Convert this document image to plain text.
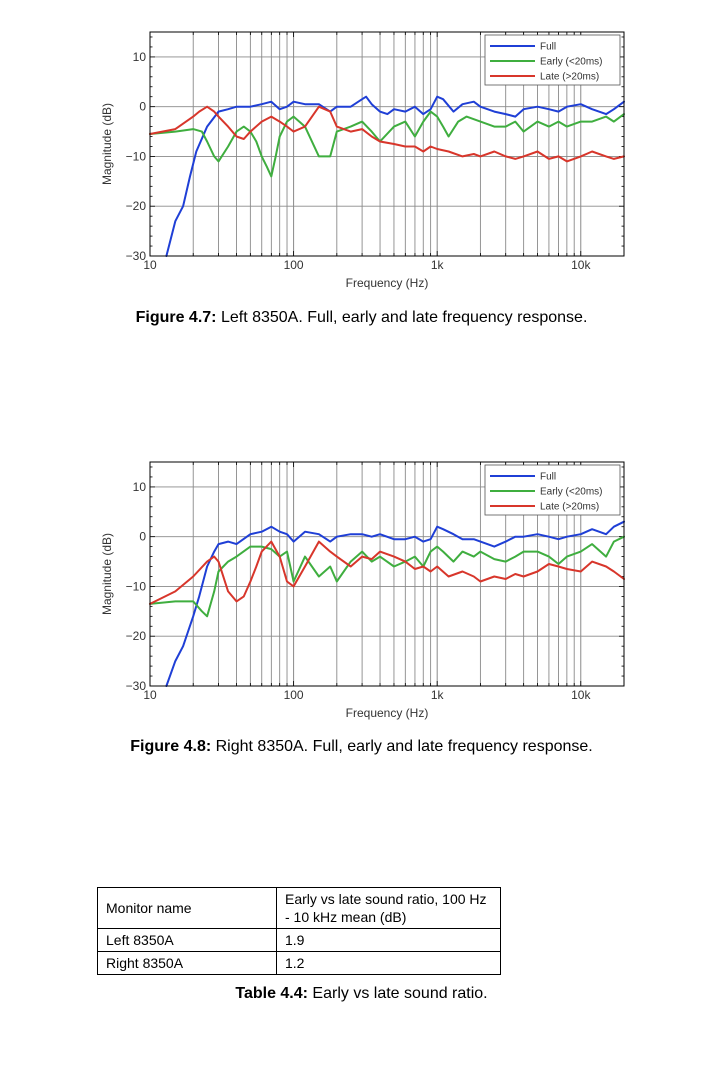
10	100	1k	10k
−30
−20
−10
0
10
Frequency (Hz)
Magnitude (dB)
Full
Early (<20ms)
Late (>20ms)
Figure 4.7: Left 8350A. Full, early and late frequency response.
10	100	1k	10k
−30
−20
−10
0
10
Frequency (Hz)
Magnitude (dB)
Full
Early (<20ms)
Late (>20ms)
Figure 4.8: Right 8350A. Full, early and late frequency response.
Monitor name	Early vs late sound ratio, 100 Hz - 10 kHz mean (dB)
Left 8350A	1.9
Right 8350A	1.2
Table 4.4: Early vs late sound ratio.
